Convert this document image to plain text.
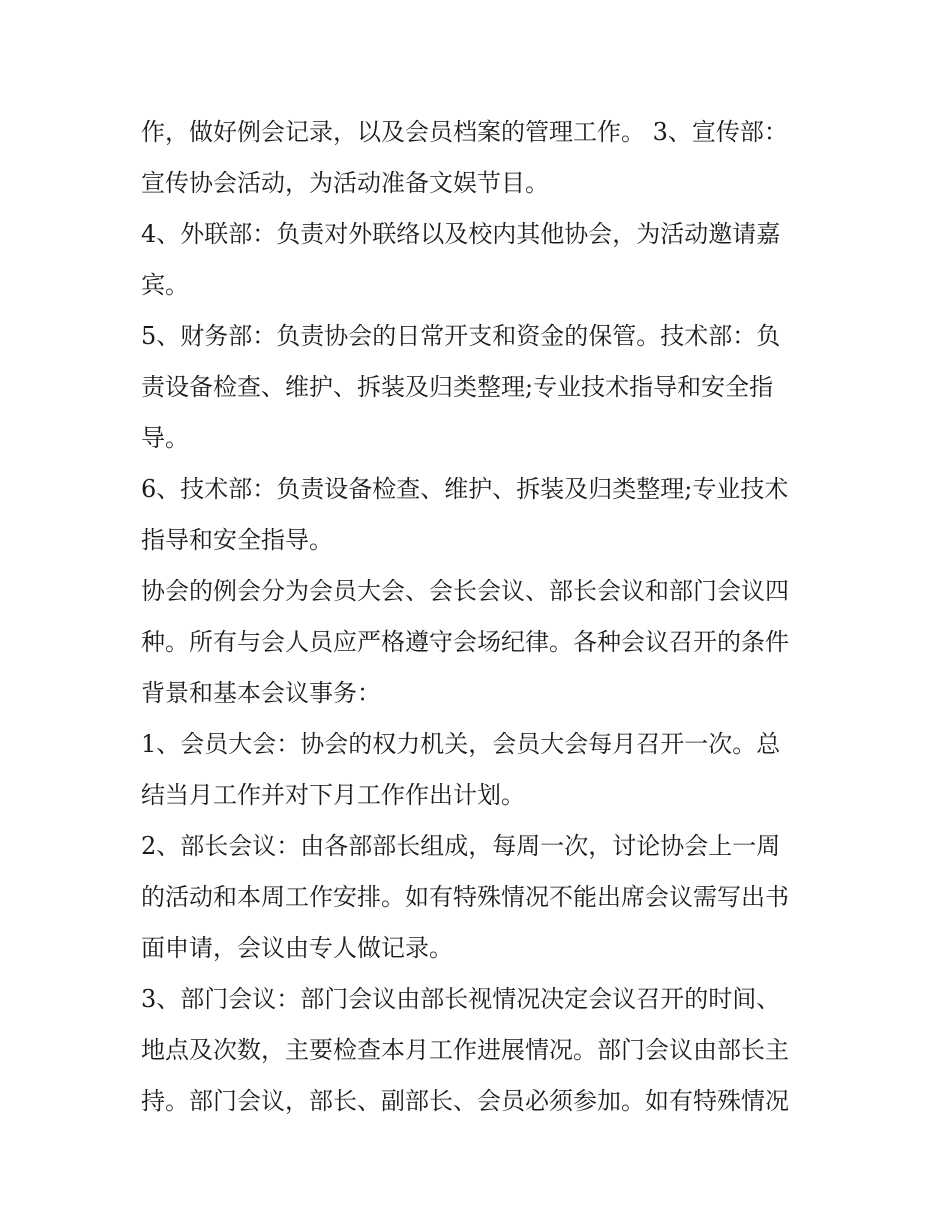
作，做好例会记录，以及会员档案的管理工作。 3、宣传部：
宣传协会活动，为活动准备文娱节目。
4、外联部：负责对外联络以及校内其他协会，为活动邀请嘉
宾。
5、财务部：负责协会的日常开支和资金的保管。技术部：负
责设备检查、维护、拆装及归类整理;专业技术指导和安全指
导。
6、技术部：负责设备检查、维护、拆装及归类整理;专业技术
指导和安全指导。
协会的例会分为会员大会、会长会议、部长会议和部门会议四
种。所有与会人员应严格遵守会场纪律。各种会议召开的条件
背景和基本会议事务：
1、会员大会：协会的权力机关，会员大会每月召开一次。总
结当月工作并对下月工作作出计划。
2、部长会议：由各部部长组成，每周一次，讨论协会上一周
的活动和本周工作安排。如有特殊情况不能出席会议需写出书
面申请，会议由专人做记录。
3、部门会议：部门会议由部长视情况决定会议召开的时间、
地点及次数，主要检查本月工作进展情况。部门会议由部长主
持。部门会议，部长、副部长、会员必须参加。如有特殊情况
